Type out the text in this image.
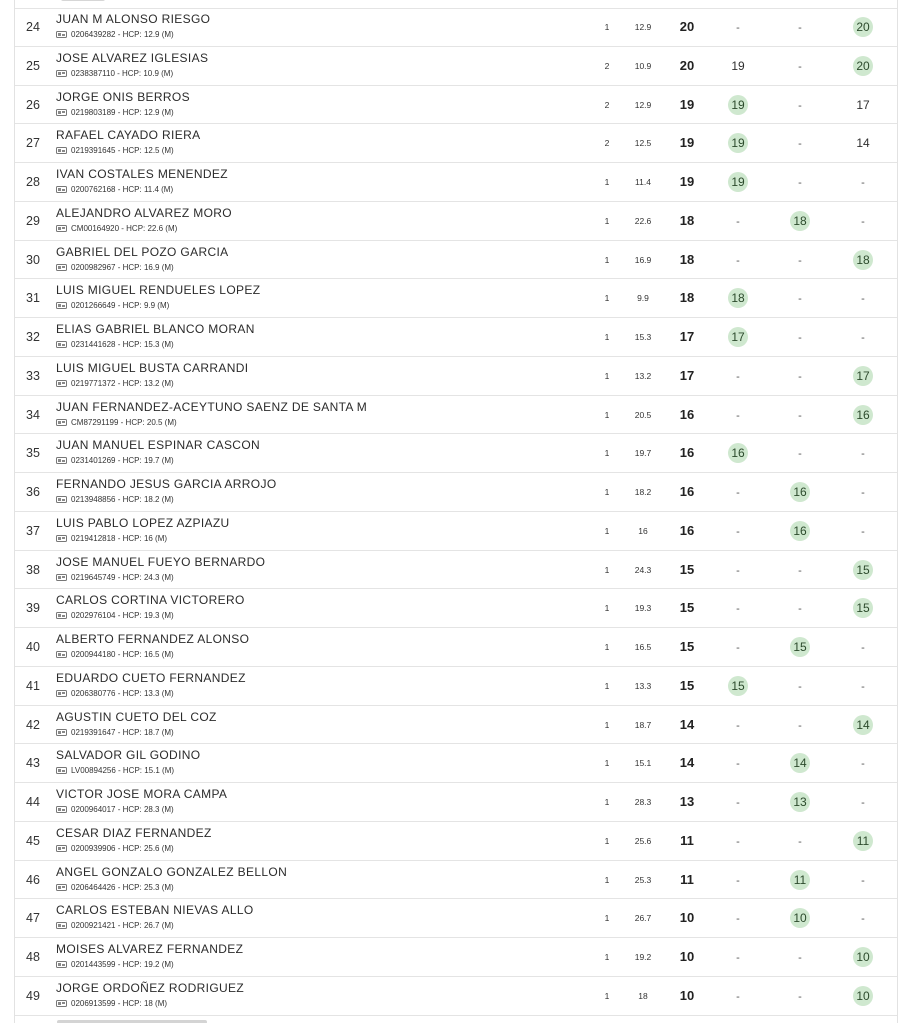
24
JUAN M ALONSO RIESGO
0206439282 - HCP: 12.9 (M)
1	12.9	20	-	-	20
25
JOSE ALVAREZ IGLESIAS
0238387110 - HCP: 10.9 (M)
2	10.9	20	19	-	20
26
JORGE ONIS BERROS
0219803189 - HCP: 12.9 (M)
2	12.9	19	19	-	17
27
RAFAEL CAYADO RIERA
0219391645 - HCP: 12.5 (M)
2	12.5	19	19	-	14
28
IVAN COSTALES MENENDEZ
0200762168 - HCP: 11.4 (M)
1	11.4	19	19	-	-
29
ALEJANDRO ALVAREZ MORO
CM00164920 - HCP: 22.6 (M)
1	22.6	18	-	18	-
30
GABRIEL DEL POZO GARCIA
0200982967 - HCP: 16.9 (M)
1	16.9	18	-	-	18
31
LUIS MIGUEL RENDUELES LOPEZ
0201266649 - HCP: 9.9 (M)
1	9.9	18	18	-	-
32
ELIAS GABRIEL BLANCO MORAN
0231441628 - HCP: 15.3 (M)
1	15.3	17	17	-	-
33
LUIS MIGUEL BUSTA CARRANDI
0219771372 - HCP: 13.2 (M)
1	13.2	17	-	-	17
34
JUAN FERNANDEZ-ACEYTUNO SAENZ DE SANTA M
CM87291199 - HCP: 20.5 (M)
1	20.5	16	-	-	16
35
JUAN MANUEL ESPINAR CASCON
0231401269 - HCP: 19.7 (M)
1	19.7	16	16	-	-
36
FERNANDO JESUS GARCIA ARROJO
0213948856 - HCP: 18.2 (M)
1	18.2	16	-	16	-
37
LUIS PABLO LOPEZ AZPIAZU
0219412818 - HCP: 16 (M)
1	16	16	-	16	-
38
JOSE MANUEL FUEYO BERNARDO
0219645749 - HCP: 24.3 (M)
1	24.3	15	-	-	15
39
CARLOS CORTINA VICTORERO
0202976104 - HCP: 19.3 (M)
1	19.3	15	-	-	15
40
ALBERTO FERNANDEZ ALONSO
0200944180 - HCP: 16.5 (M)
1	16.5	15	-	15	-
41
EDUARDO CUETO FERNANDEZ
0206380776 - HCP: 13.3 (M)
1	13.3	15	15	-	-
42
AGUSTIN CUETO DEL COZ
0219391647 - HCP: 18.7 (M)
1	18.7	14	-	-	14
43
SALVADOR GIL GODINO
LV00894256 - HCP: 15.1 (M)
1	15.1	14	-	14	-
44
VICTOR JOSE MORA CAMPA
0200964017 - HCP: 28.3 (M)
1	28.3	13	-	13	-
45
CESAR DIAZ FERNANDEZ
0200939906 - HCP: 25.6 (M)
1	25.6	11	-	-	11
46
ANGEL GONZALO GONZALEZ BELLON
0206464426 - HCP: 25.3 (M)
1	25.3	11	-	11	-
47
CARLOS ESTEBAN NIEVAS ALLO
0200921421 - HCP: 26.7 (M)
1	26.7	10	-	10	-
48
MOISES ALVAREZ FERNANDEZ
0201443599 - HCP: 19.2 (M)
1	19.2	10	-	-	10
49
JORGE ORDOÑEZ RODRIGUEZ
0206913599 - HCP: 18 (M)
1	18	10	-	-	10
